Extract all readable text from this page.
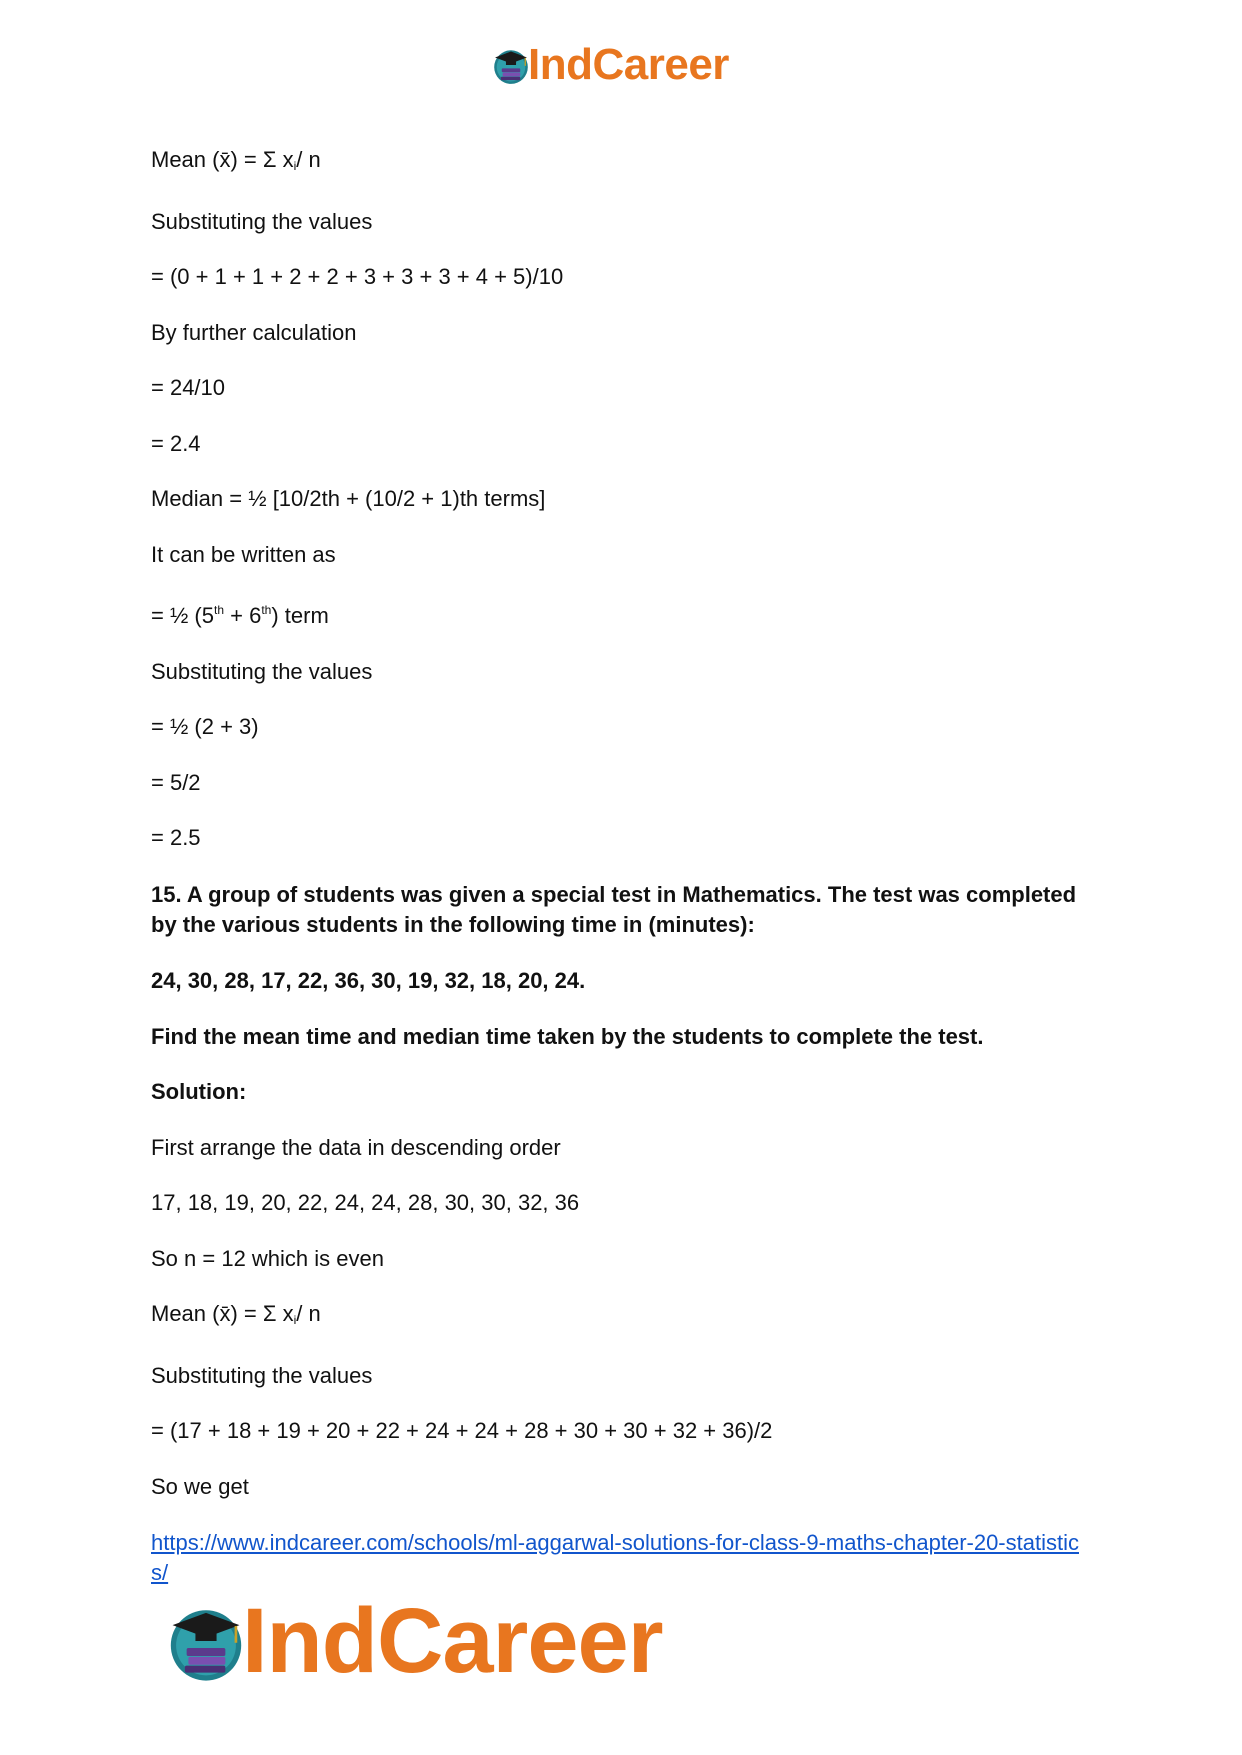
IndCareer
Mean (x̄) = Σ $x_i/$ n
Substituting the values
= (0 + 1 + 1 + 2 + 2 + 3 + 3 + 3 + 4 + 5)/10
By further calculation
= 24/10
= 2.4
Median = ½ [10/2th + (10/2 + 1)th terms]
It can be written as
= ½ (5th + 6th) term
Substituting the values
= ½ (2 + 3)
= 5/2
= 2.5
15. A group of students was given a special test in Mathematics. The test was completed by the various students in the following time in (minutes):
24, 30, 28, 17, 22, 36, 30, 19, 32, 18, 20, 24.
Find the mean time and median time taken by the students to complete the test.
Solution:
First arrange the data in descending order
17, 18, 19, 20, 22, 24, 24, 28, 30, 30, 32, 36
So n = 12 which is even
Mean (x̄) = Σ $x_i/$ n
Substituting the values
= (17 + 18 + 19 + 20 + 22 + 24 + 24 + 28 + 30 + 30 + 32 + 36)/2
So we get
https://www.indcareer.com/schools/ml-aggarwal-solutions-for-class-9-maths-chapter-20-statistics/
IndCareer
